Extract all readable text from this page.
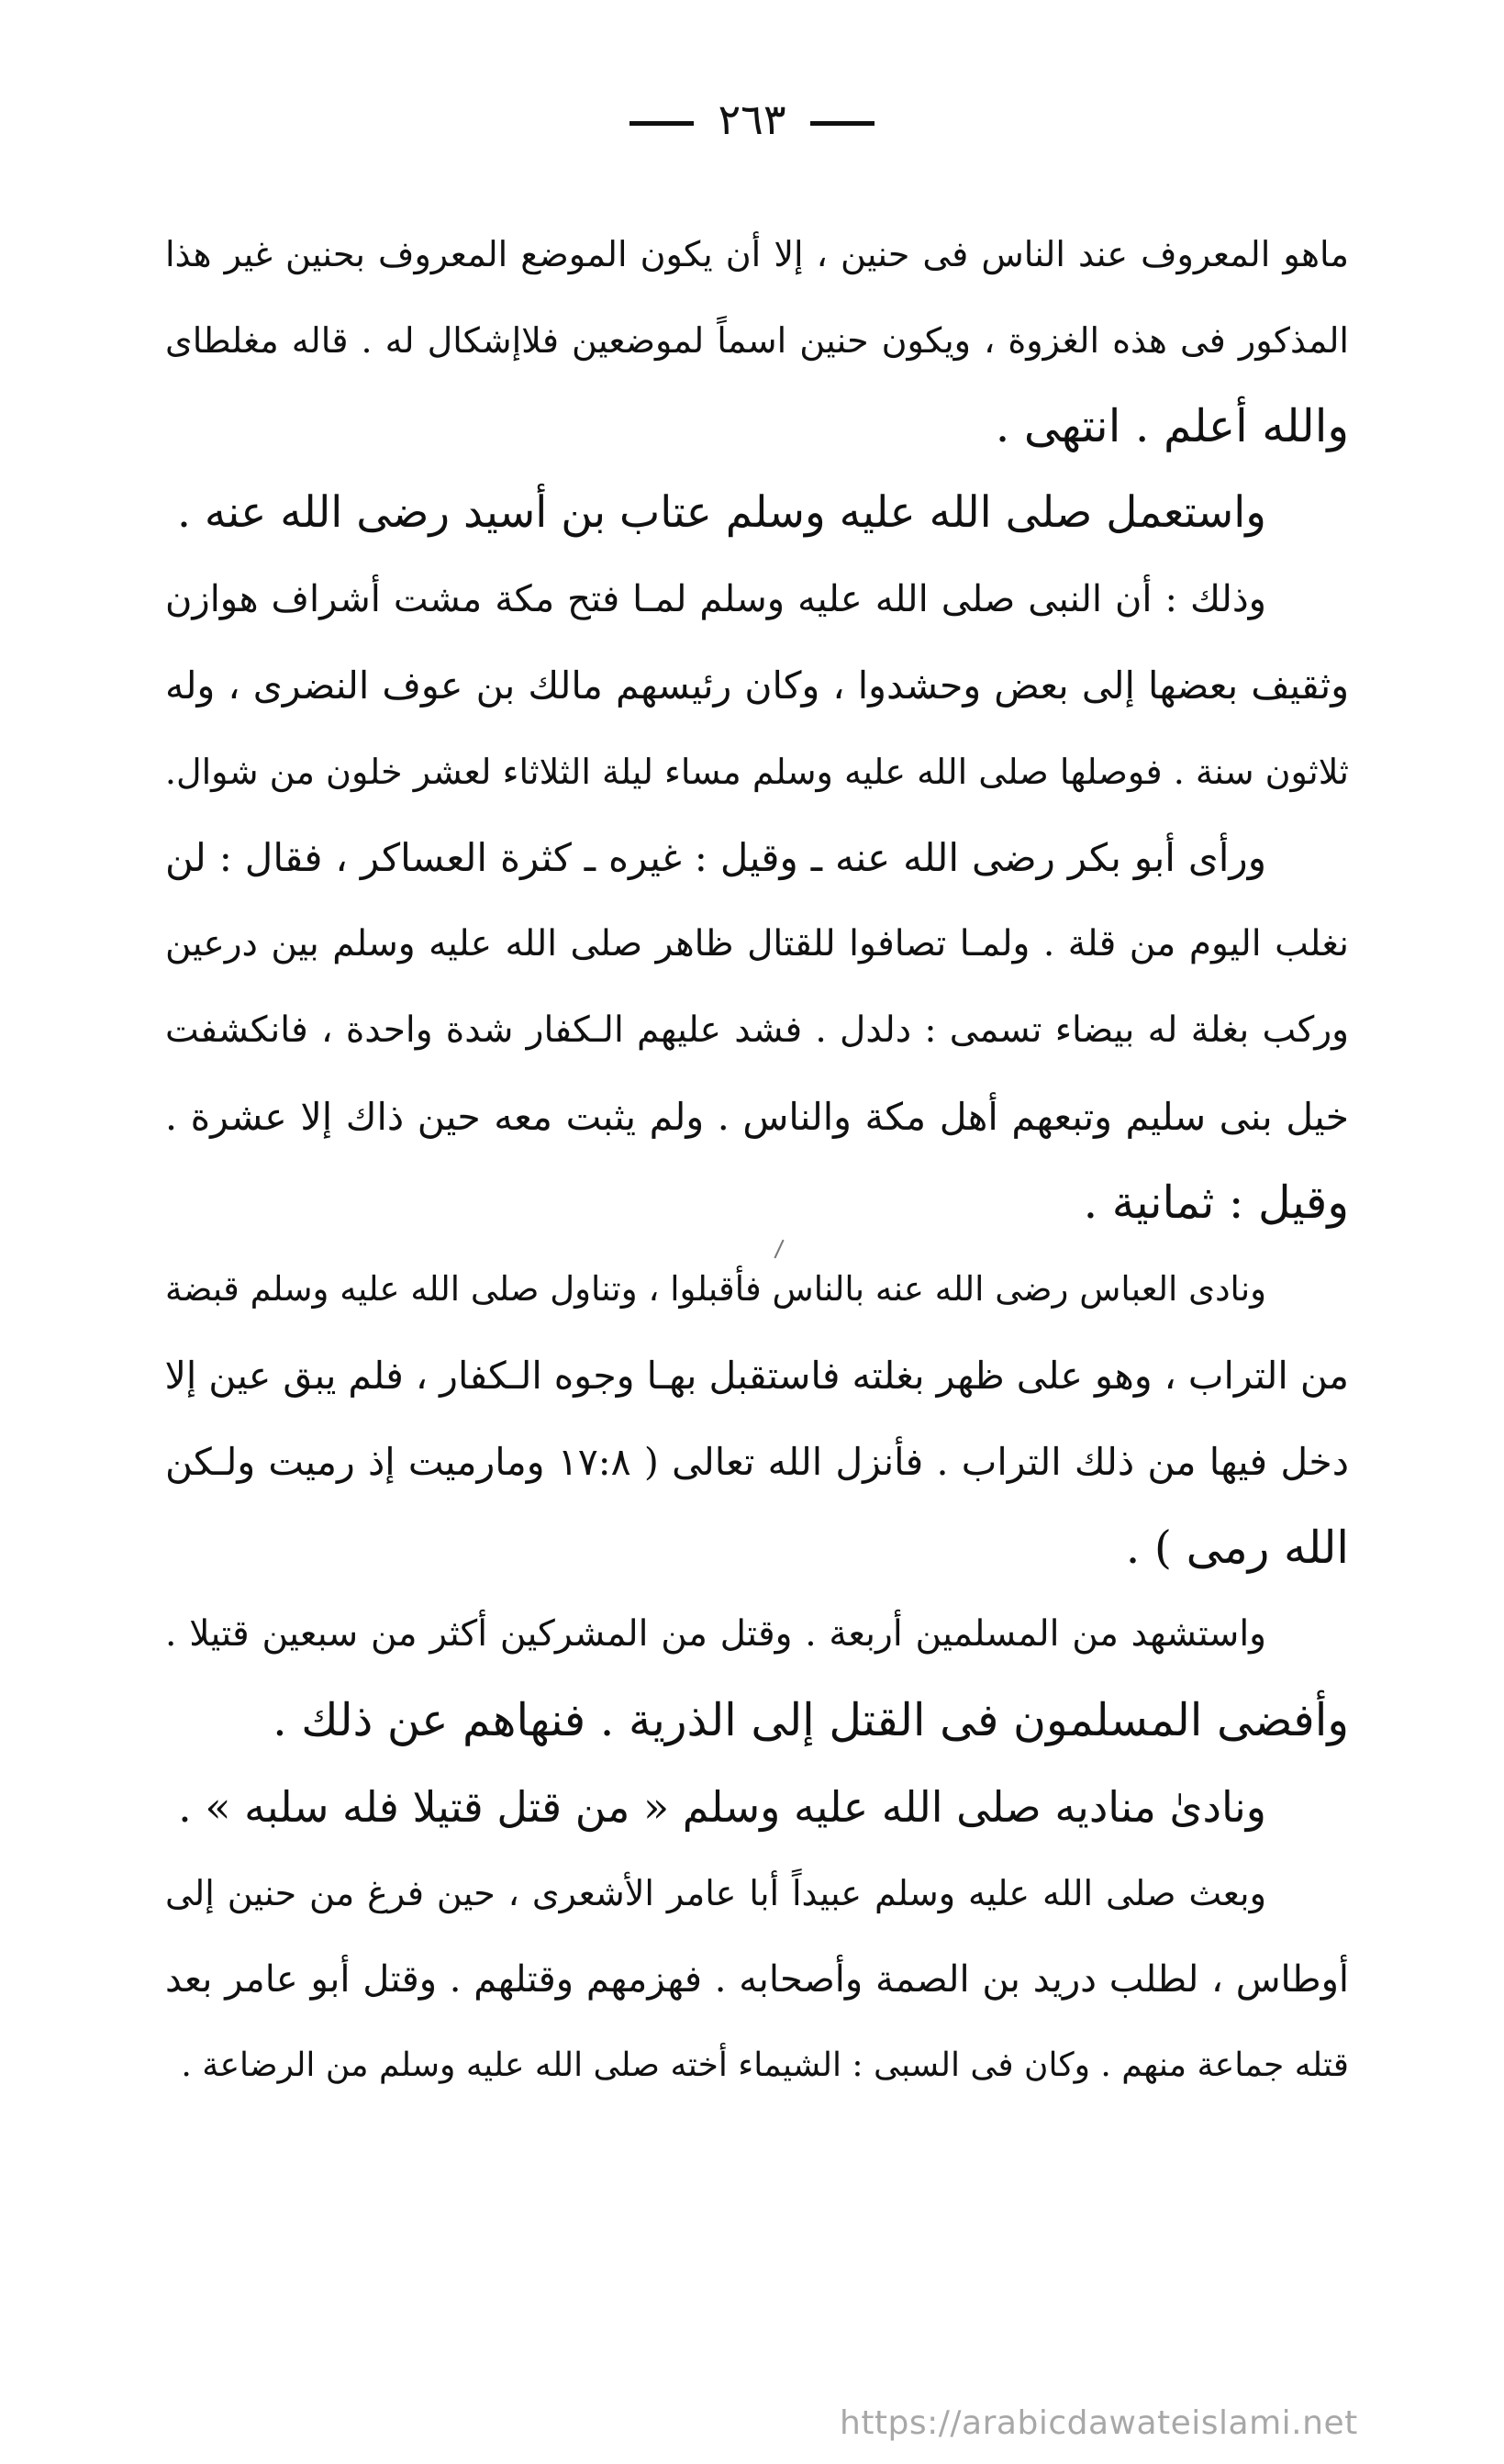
٢٦٣
ماهو المعروف عند الناس فى حنين ، إلا أن يكون الموضع المعروف بحنين غير هذا
المذكور فى هذه الغزوة ، ويكون حنين اسماً لموضعين فلاإشكال له . قاله مغلطاى
والله أعلم . انتهى .
واستعمل صلى الله عليه وسلم عتاب بن أسيد رضى الله عنه .
وذلك : أن النبى صلى الله عليه وسلم لمـا فتح مكة مشت أشراف هوازن
وثقيف بعضها إلى بعض وحشدوا ، وكان رئيسهم مالك بن عوف النضرى ، وله
ثلاثون سنة . فوصلها صلى الله عليه وسلم مساء ليلة الثلاثاء لعشر خلون من شوال.
ورأى أبو بكر رضى الله عنه ـ وقيل : غيره ـ كثرة العساكر ، فقال : لن
نغلب اليوم من قلة . ولمـا تصافوا للقتال ظاهر صلى الله عليه وسلم بين درعين
وركب بغلة له بيضاء تسمى : دلدل . فشد عليهم الـكفار شدة واحدة ، فانكشفت
خيل بنى سليم وتبعهم أهل مكة والناس . ولم يثبت معه حين ذاك إلا عشرة .
وقيل : ثمانية .
ونادى العباس رضى الله عنه بالناس فأقبلوا ، وتناول صلى الله عليه وسلم قبضة
من التراب ، وهو على ظهر بغلته فاستقبل بهـا وجوه الـكفار ، فلم يبق عين إلا
دخل فيها من ذلك التراب . فأنزل الله تعالى ( ١٧:٨ ومارميت إذ رميت ولـكن
الله رمى ) .
واستشهد من المسلمين أربعة . وقتل من المشركين أكثر من سبعين قتيلا .
وأفضى المسلمون فى القتل إلى الذرية . فنهاهم عن ذلك .
ونادىٰ مناديه صلى الله عليه وسلم « من قتل قتيلا فله سلبه » .
وبعث صلى الله عليه وسلم عبيداً أبا عامر الأشعرى ، حين فرغ من حنين إلى
أوطاس ، لطلب دريد بن الصمة وأصحابه . فهزمهم وقتلهم . وقتل أبو عامر بعد
قتله جماعة منهم . وكان فى السبى : الشيماء أخته صلى الله عليه وسلم من الرضاعة .
https://arabicdawateislami.net
